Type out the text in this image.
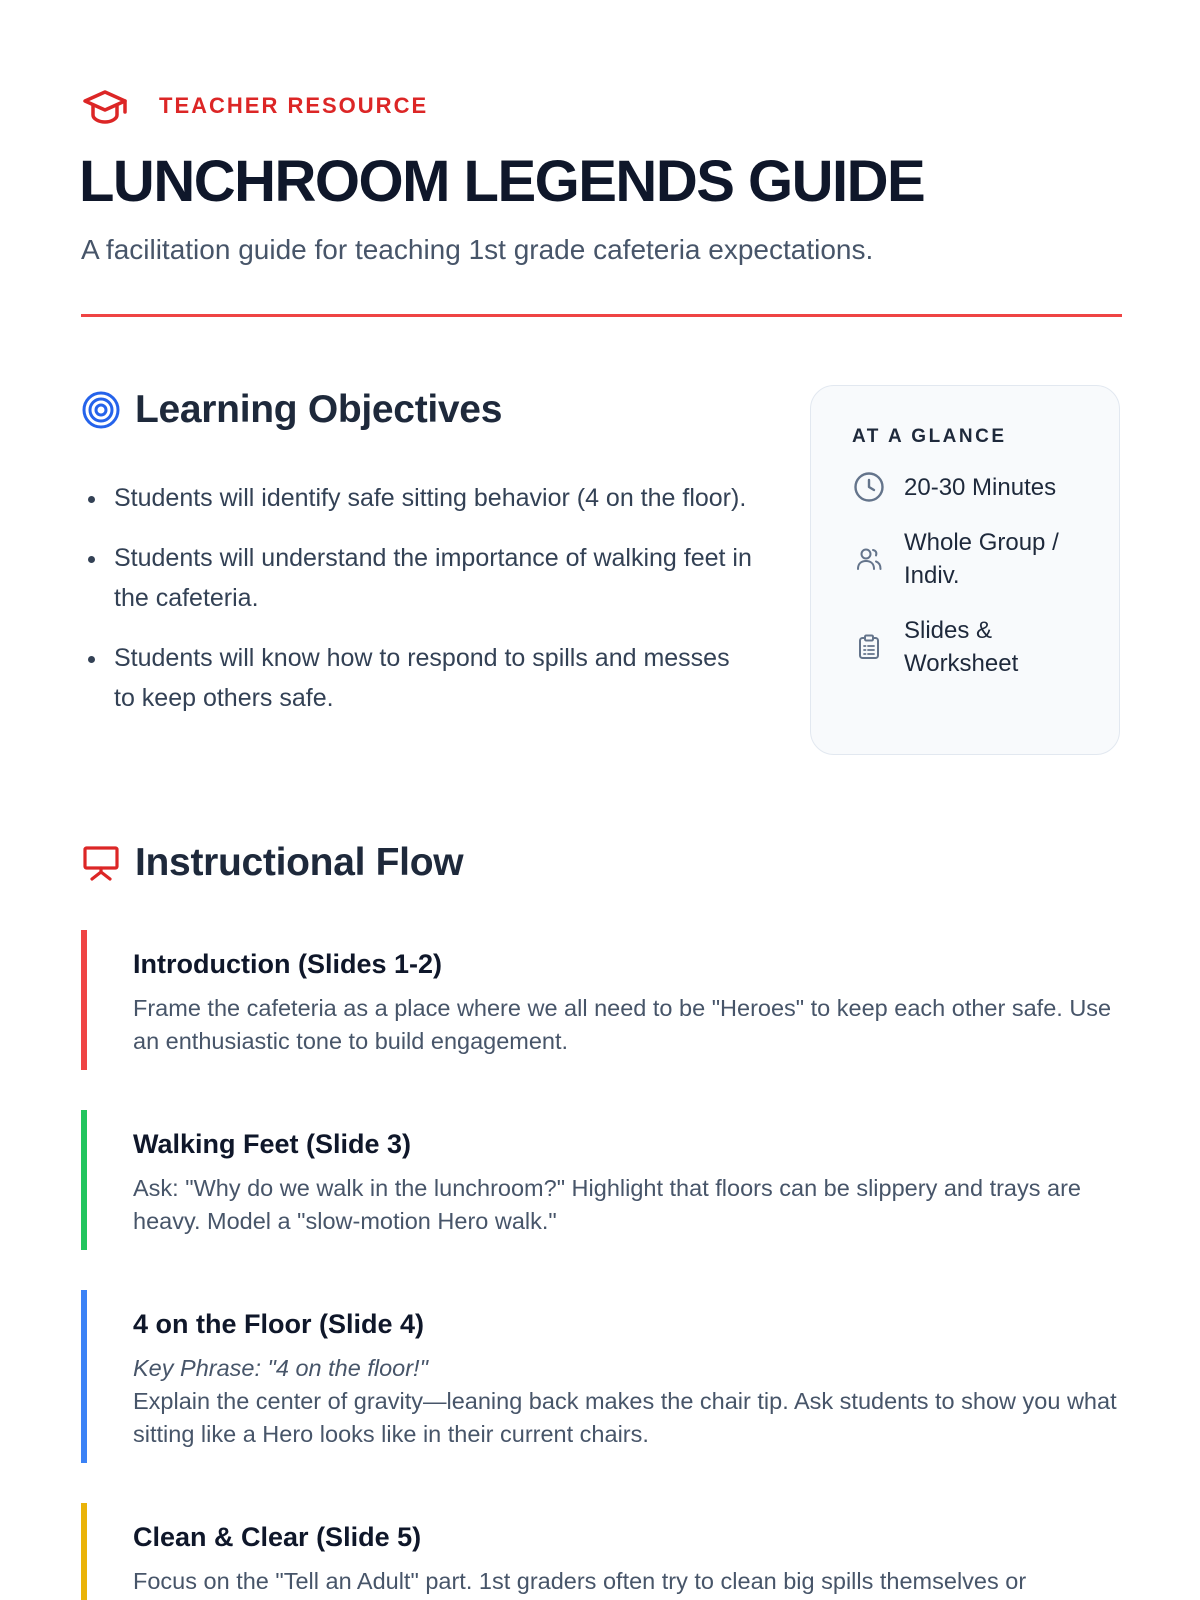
TEACHER RESOURCE
LUNCHROOM LEGENDS GUIDE

A facilitation guide for teaching 1st grade cafeteria expectations.

Learning Objectives
Students will identify safe sitting behavior (4 on the floor).
Students will understand the importance of walking feet in the cafeteria.
Students will know how to respond to spills and messes to keep others safe.
AT A GLANCE
20-30 Minutes
Whole Group / Indiv.
Slides & Worksheet
Instructional Flow
Introduction (Slides 1-2)

Frame the cafeteria as a place where we all need to be "Heroes" to keep each other safe. Use an enthusiastic tone to build engagement.

Walking Feet (Slide 3)

Ask: "Why do we walk in the lunchroom?" Highlight that floors can be slippery and trays are heavy. Model a "slow-motion Hero walk."

4 on the Floor (Slide 4)

Key Phrase: "4 on the floor!"
Explain the center of gravity—leaning back makes the chair tip. Ask students to show you what sitting like a Hero looks like in their current chairs.

Clean & Clear (Slide 5)

Focus on the "Tell an Adult" part. 1st graders often try to clean big spills themselves or
